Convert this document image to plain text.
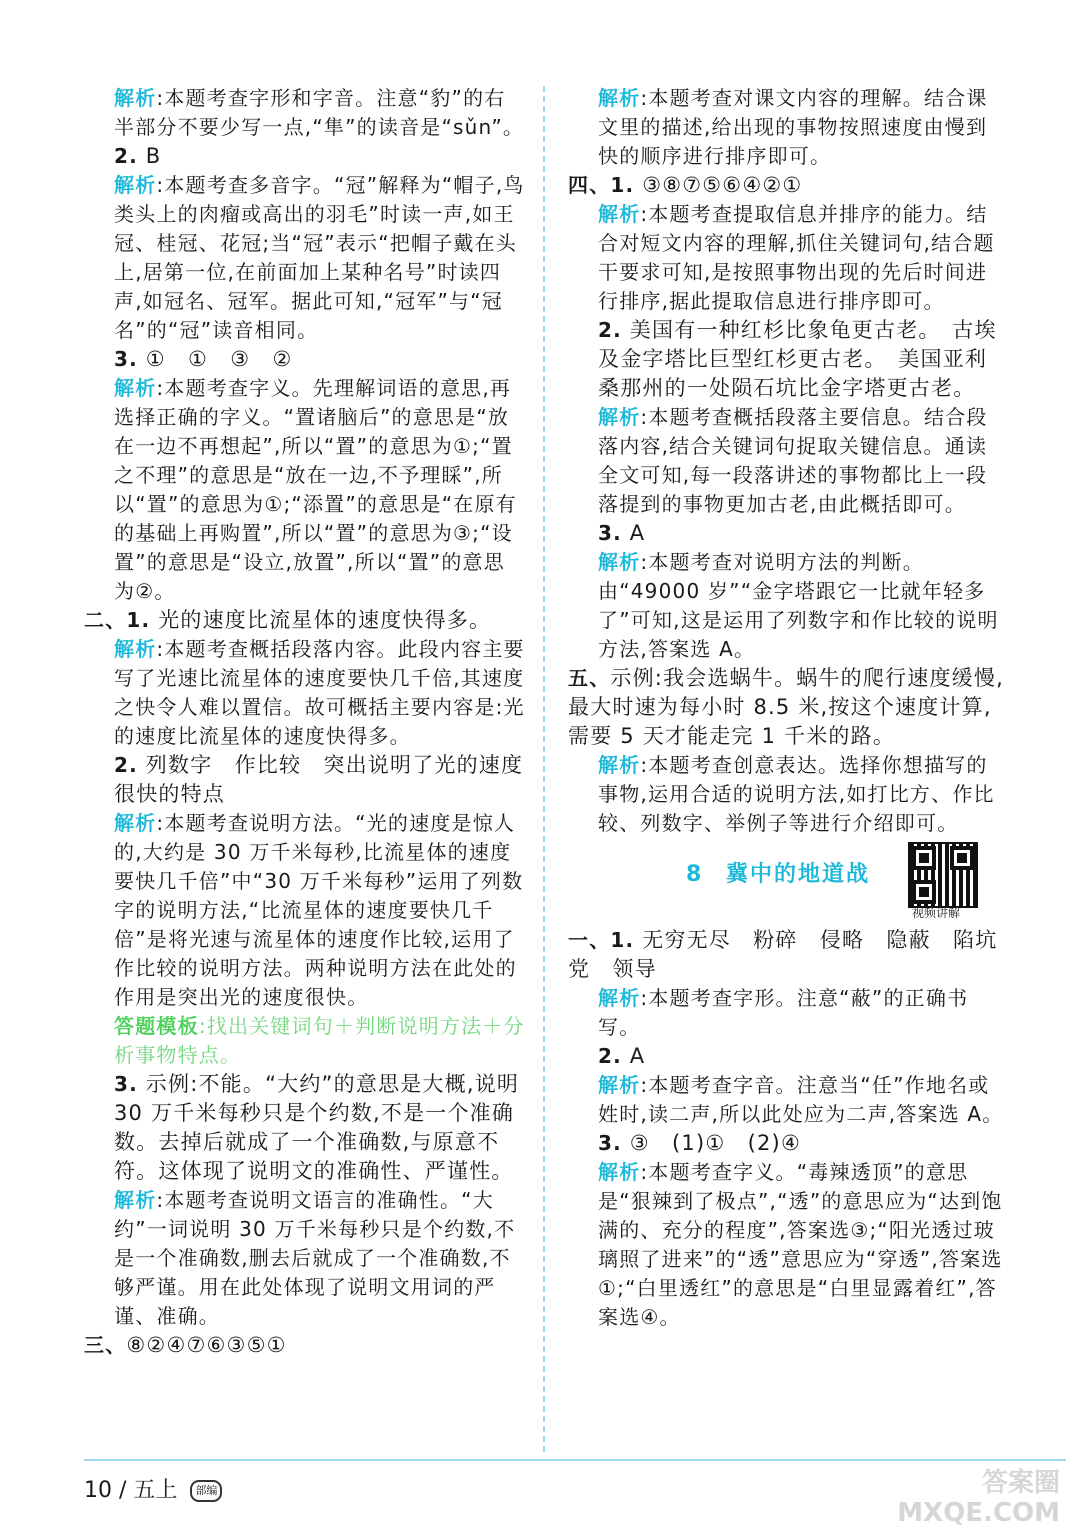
解析:本题考查字形和字音。注意“豹”的右半部分不要少写一点,“隼”的读音是“sǔn”。

2. B

解析:本题考查多音字。“冠”解释为“帽子,鸟类头上的肉瘤或高出的羽毛”时读一声,如王冠、桂冠、花冠;当“冠”表示“把帽子戴在头上,居第一位,在前面加上某种名号”时读四声,如冠名、冠军。据此可知,“冠军”与“冠名”的“冠”读音相同。

3. ①　①　③　②

解析:本题考查字义。先理解词语的意思,再选择正确的字义。“置诸脑后”的意思是“放在一边不再想起”,所以“置”的意思为①;“置之不理”的意思是“放在一边,不予理睬”,所以“置”的意思为①;“添置”的意思是“在原有的基础上再购置”,所以“置”的意思为③;“设置”的意思是“设立,放置”,所以“置”的意思为②。

二、1. 光的速度比流星体的速度快得多。

解析:本题考查概括段落内容。此段内容主要写了光速比流星体的速度要快几千倍,其速度之快令人难以置信。故可概括主要内容是:光的速度比流星体的速度快得多。

2. 列数字　作比较　突出说明了光的速度很快的特点

解析:本题考查说明方法。“光的速度是惊人的,大约是 30 万千米每秒,比流星体的速度要快几千倍”中“30 万千米每秒”运用了列数字的说明方法,“比流星体的速度要快几千倍”是将光速与流星体的速度作比较,运用了作比较的说明方法。两种说明方法在此处的作用是突出光的速度很快。

答题模板:找出关键词句＋判断说明方法＋分析事物特点。

3. 示例:不能。“大约”的意思是大概,说明 30 万千米每秒只是个约数,不是一个准确数。去掉后就成了一个准确数,与原意不符。这体现了说明文的准确性、严谨性。

解析:本题考查说明文语言的准确性。“大约”一词说明 30 万千米每秒只是个约数,不是一个准确数,删去后就成了一个准确数,不够严谨。用在此处体现了说明文用词的严谨、准确。

三、⑧②④⑦⑥③⑤①

解析:本题考查对课文内容的理解。结合课文里的描述,给出现的事物按照速度由慢到快的顺序进行排序即可。

四、1. ③⑧⑦⑤⑥④②①

解析:本题考查提取信息并排序的能力。结合对短文内容的理解,抓住关键词句,结合题干要求可知,是按照事物出现的先后时间进行排序,据此提取信息进行排序即可。

2. 美国有一种红杉比象龟更古老。　古埃及金字塔比巨型红杉更古老。　美国亚利桑那州的一处陨石坑比金字塔更古老。

解析:本题考查概括段落主要信息。结合段落内容,结合关键词句捉取关键信息。通读全文可知,每一段落讲述的事物都比上一段落提到的事物更加古老,由此概括即可。

3. A

解析:本题考查对说明方法的判断。由“49000 岁”“金字塔跟它一比就年轻多了”可知,这是运用了列数字和作比较的说明方法,答案选 A。

五、示例:我会选蜗牛。蜗牛的爬行速度缓慢,最大时速为每小时 8.5 米,按这个速度计算,需要 5 天才能走完 1 千米的路。

解析:本题考查创意表达。选择你想描写的事物,运用合适的说明方法,如打比方、作比较、列数字、举例子等进行介绍即可。

8 冀中的地道战
视频讲解

一、1. 无穷无尽　粉碎　侵略　隐蔽　陷坑　党　领导

解析:本题考查字形。注意“蔽”的正确书写。

2. A

解析:本题考查字音。注意当“任”作地名或姓时,读二声,所以此处应为二声,答案选 A。

3. ③　(1)①　(2)④

解析:本题考查字义。“毒辣透顶”的意思是“狠辣到了极点”,“透”的意思应为“达到饱满的、充分的程度”,答案选③;“阳光透过玻璃照了进来”的“透”意思应为“穿透”,答案选①;“白里透红”的意思是“白里显露着红”,答案选④。

10 / 五上 部编	答案圈 MXQE.COM
